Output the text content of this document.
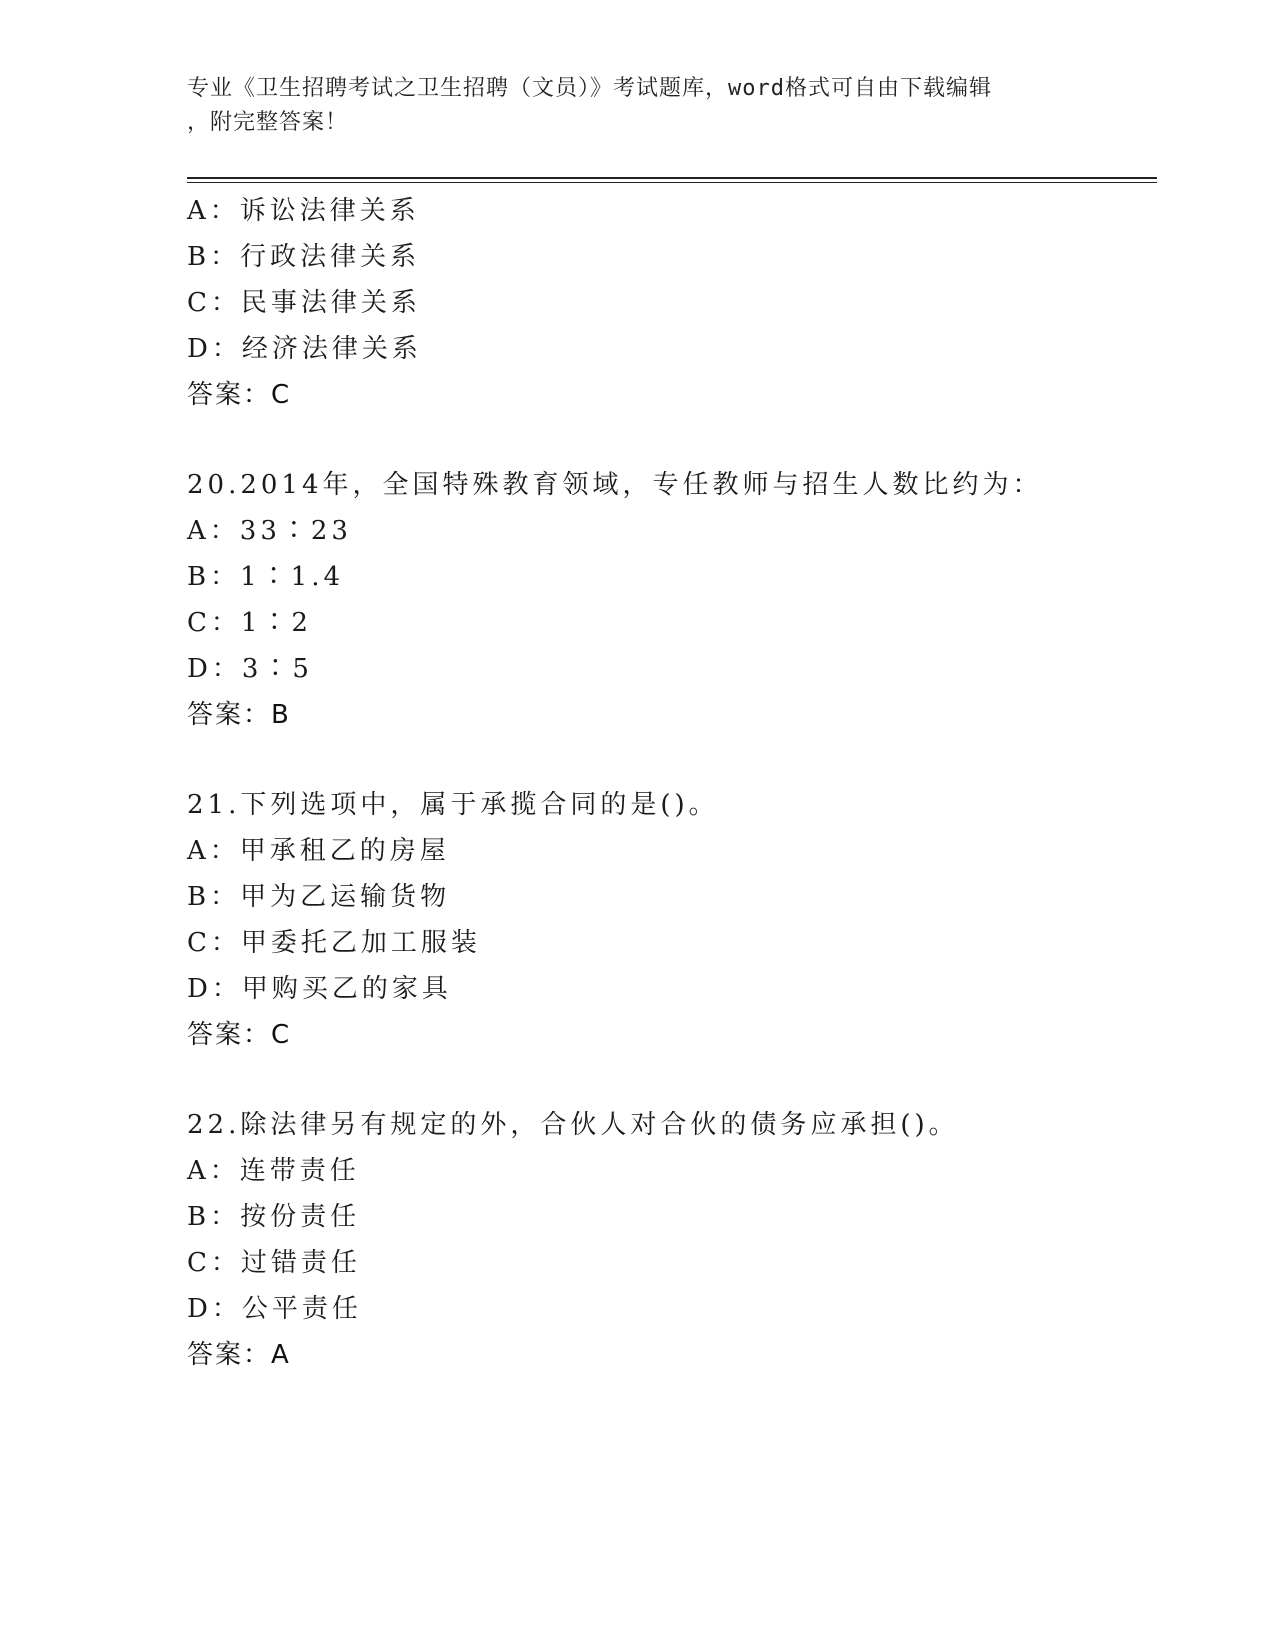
专业《卫生招聘考试之卫生招聘（文员）》考试题库，word格式可自由下载编辑
，附完整答案！
A：诉讼法律关系
B：行政法律关系
C：民事法律关系
D：经济法律关系
答案：C
20.2014年，全国特殊教育领域，专任教师与招生人数比约为：
A：33∶23
B：1∶1.4
C：1∶2
D：3∶5
答案：B
21.下列选项中，属于承揽合同的是()。
A：甲承租乙的房屋
B：甲为乙运输货物
C：甲委托乙加工服装
D：甲购买乙的家具
答案：C
22.除法律另有规定的外，合伙人对合伙的债务应承担()。
A：连带责任
B：按份责任
C：过错责任
D：公平责任
答案：A
